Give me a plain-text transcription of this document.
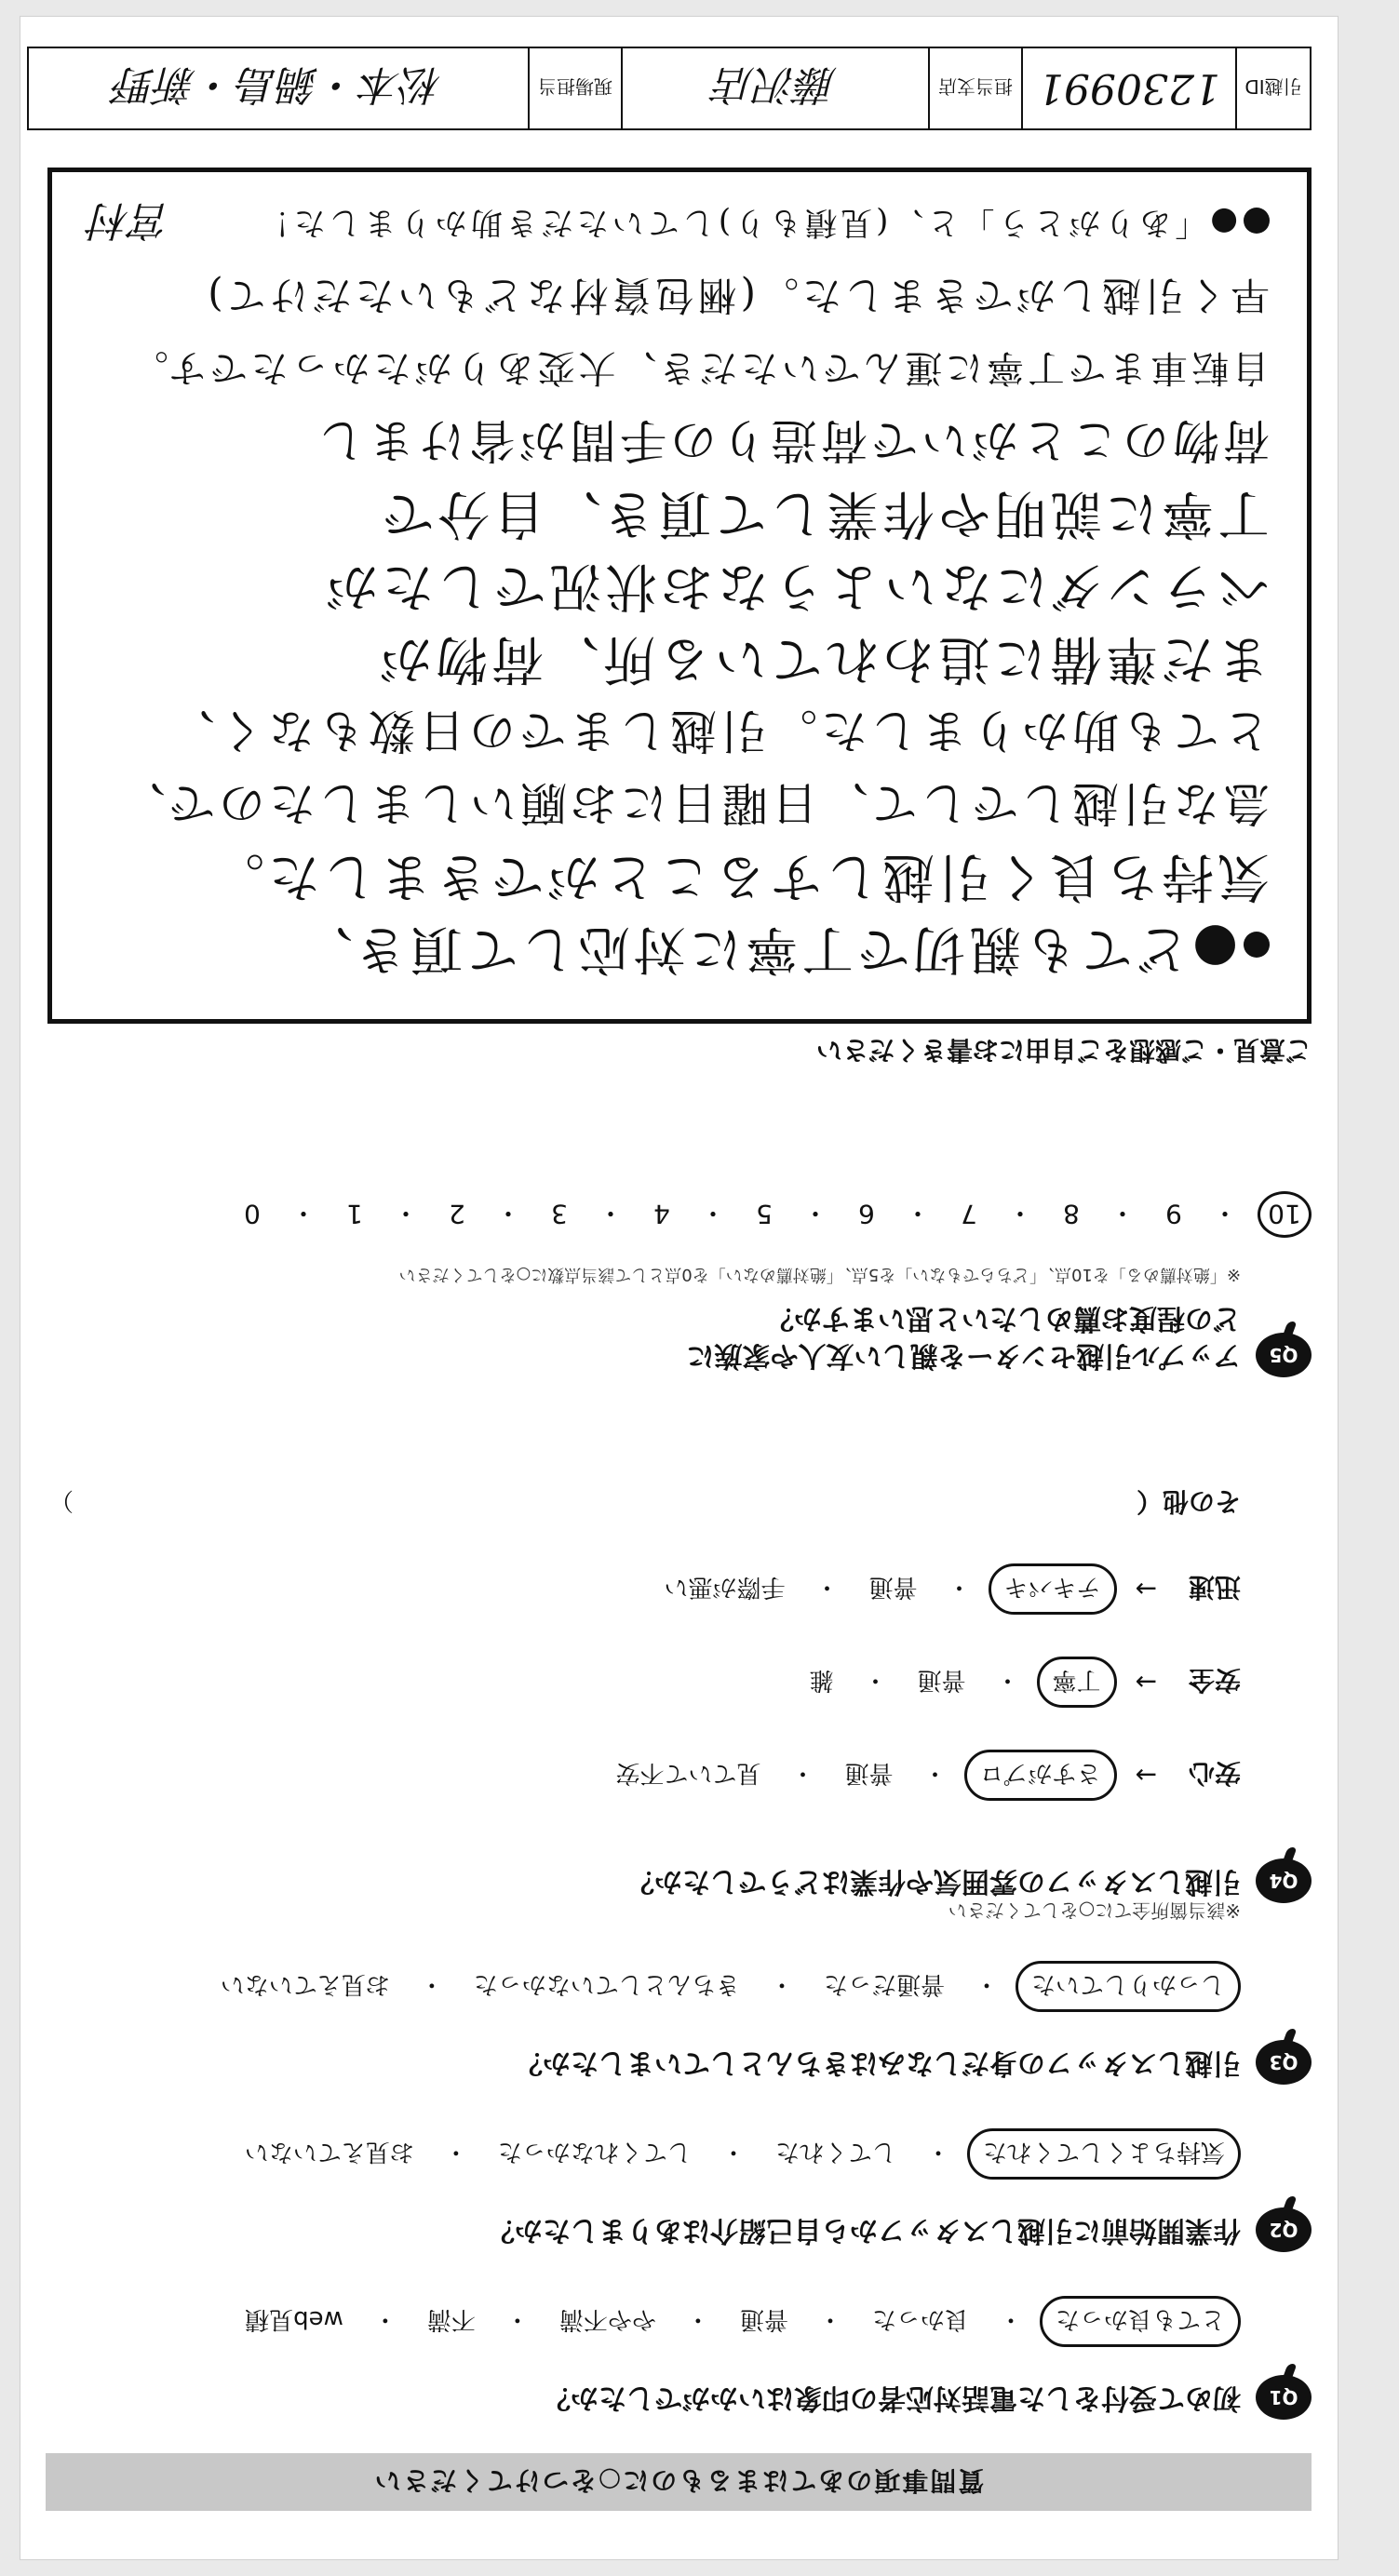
質問事項のあてはまるものに○をつけてください
Q1
初めて受付をした電話対応者の印象はいかがでしたか？
とても良かった
・
良かった
・
普通
・
やや不満
・
不満
・
web見積
Q2
作業開始前に引越しスタッフから自己紹介はありましたか？
気持ちよくしてくれた
・
してくれた
・
してくれなかった
・
お見えていない
Q3
引越しスタッフの身だしなみはきちんとしていましたか？
しっかりしていた
・
普通だった
・
きちんとしていなかった
・
お見えていない
Q4
引越しスタッフの雰囲気や作業はどうでしたか？
※該当箇所全てに○をしてください
安心
→
さすがプロ
・
普通
・
見ていて不安
安全
→
丁寧
・
普通
・
雑
迅速
→
テキパキ
・
普通
・
手際が悪い
その他（
）
Q5
アップル引越センターを親しい友人や家族に
どの程度お薦めしたいと思いますか？
※「絶対薦める」を10点、「どちらでもない」を5点、「絶対薦めない」を0点として該当点数に○をしてください
10
・
9
・
8
・
7
・
6
・
5
・
4
・
3
・
2
・
1
・
0
ご意見・ご感想をご自由にお書きください
●どても親切で丁寧に対応して頂き、
気持ち良く引越しすることができました。
急な引越しでして、日曜日にお願いしましたので、
とても助かりました。引越しまでの日数もなく、
まだ準備に追われている所、荷物が
ベランダにないようなお状況でしたが
丁寧に説明や作業して頂き、自分で
荷物のことがいで荷造りの手間が省けまし
自転車まで丁寧に運んでいただき、大変ありがたかったです。
早く引越しができました。(梱包資材などもいただけて)
●「ありがとう」と、(見積もり)していただき助かりました！
宮村
引越ID
1230991
担当支店
藤沢店
現場担当
松本・鍋島・新野
